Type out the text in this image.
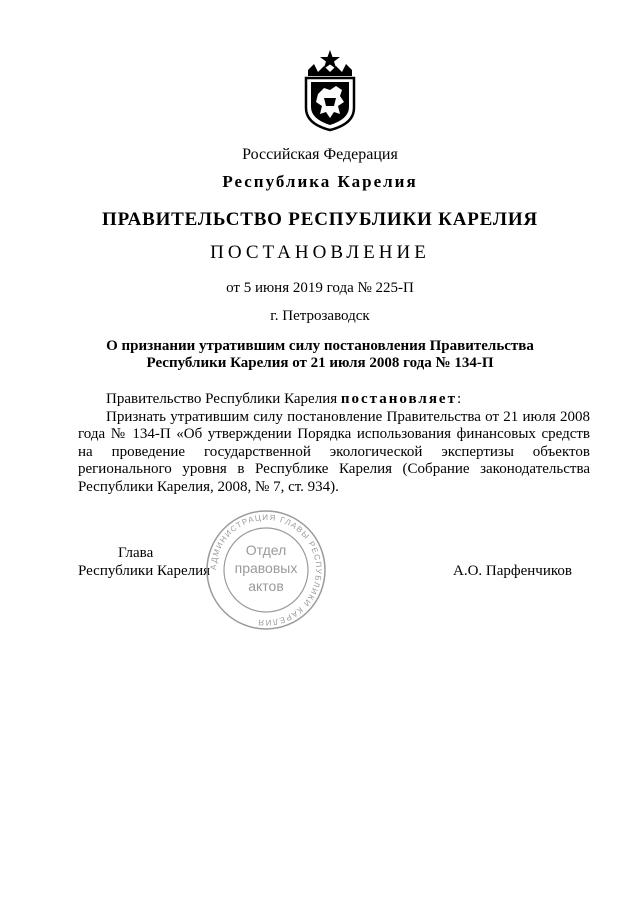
Российская Федерация
Республика Карелия
ПРАВИТЕЛЬСТВО РЕСПУБЛИКИ КАРЕЛИЯ
ПОСТАНОВЛЕНИЕ
от 5 июня 2019 года № 225-П
г. Петрозаводск
О признании утратившим силу постановления Правительства
Республики Карелия от 21 июля 2008 года № 134-П

Правительство Республики Карелия постановляет:

Признать утратившим силу постановление Правительства от 21 июля 2008 года № 134-П «Об утверждении Порядка использования финансовых средств на проведение государственной экологической экспертизы объектов регионального уровня в Республике Карелия (Собрание законодательства Республики Карелия, 2008, № 7, ст. 934).

Глава
Республики Карелия	А.О. Парфенчиков
АДМИНИСТРАЦИЯ ГЛАВЫ РЕСПУБЛИКИ КАРЕЛИЯ
Отдел
правовых
актов
